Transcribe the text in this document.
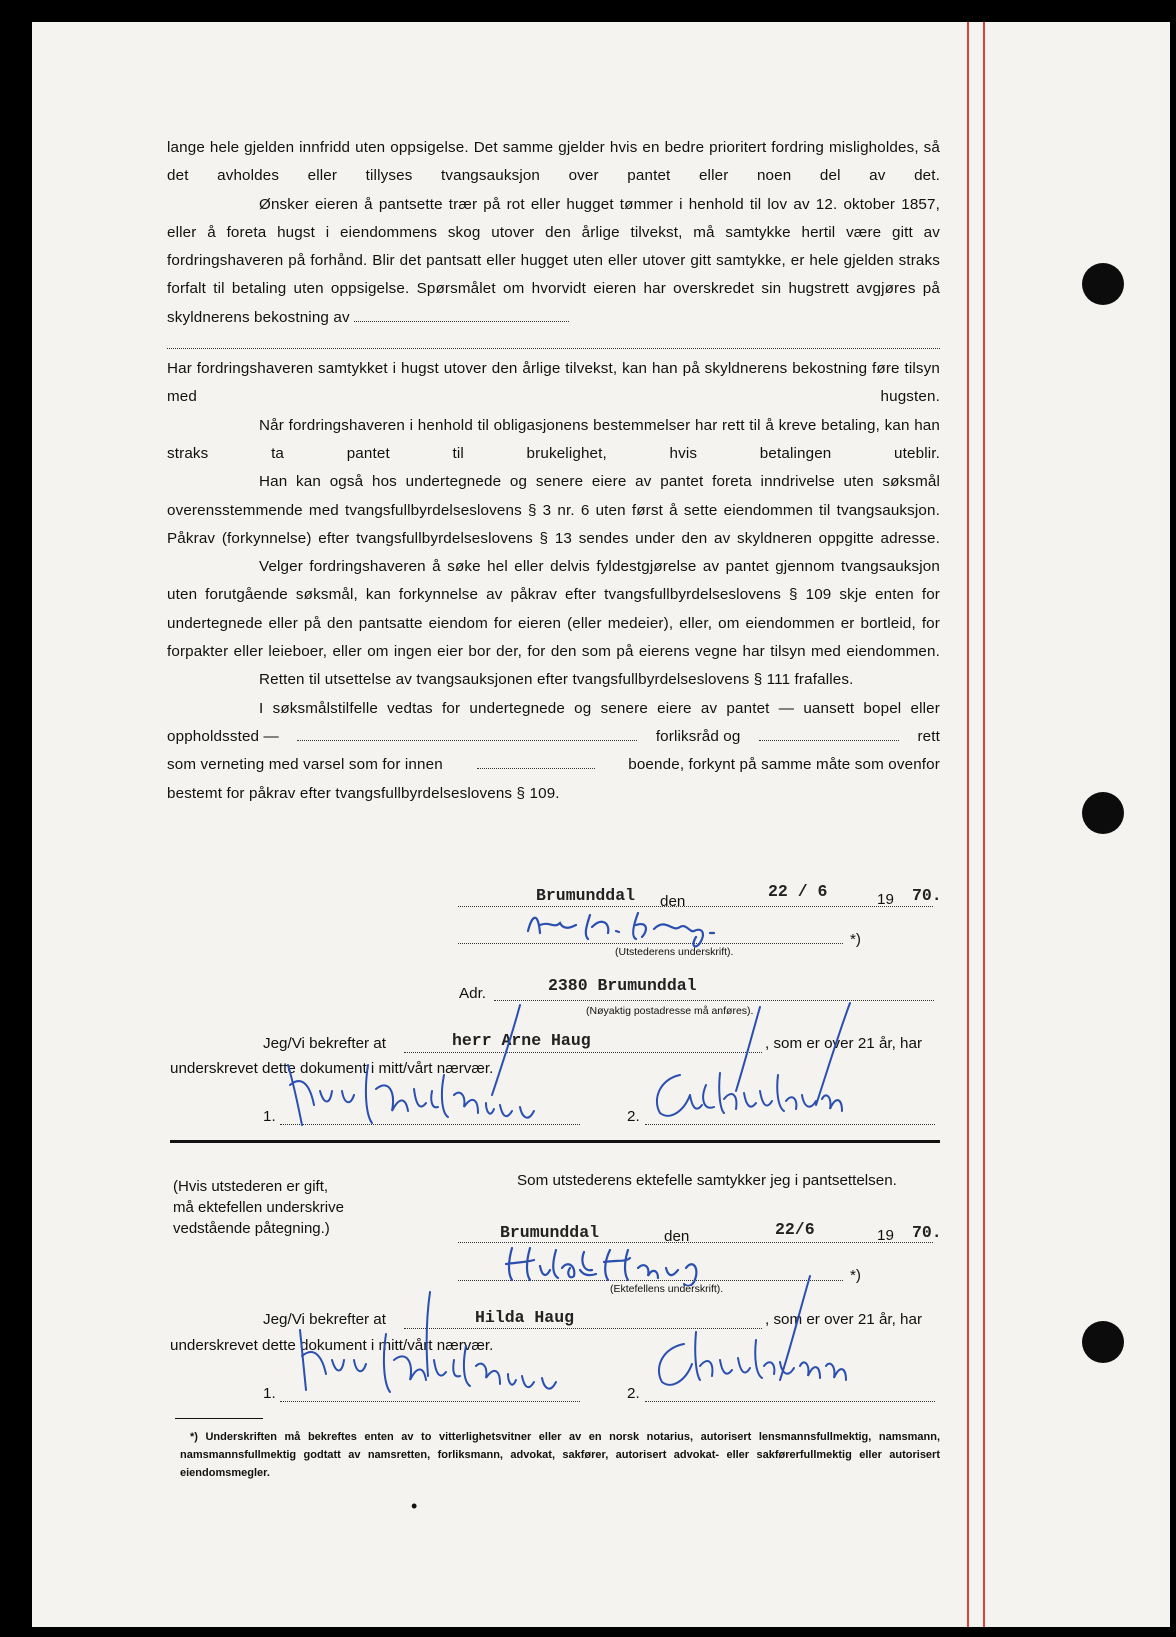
lange hele gjelden innfridd uten oppsigelse. Det samme gjelder hvis en bedre prioritert fordring misligholdes, så det avholdes eller tillyses tvangsauksjon over pantet eller noen del av det.
Ønsker eieren å pantsette trær på rot eller hugget tømmer i henhold til lov av 12. oktober 1857, eller å foreta hugst i eiendommens skog utover den årlige tilvekst, må samtykke hertil være gitt av fordringshaveren på forhånd. Blir det pantsatt eller hugget uten eller utover gitt samtykke, er hele gjelden straks forfalt til betaling uten oppsigelse. Spørsmålet om hvorvidt eieren har overskredet sin hugstrett avgjøres på skyldnerens bekostning av
Har fordringshaveren samtykket i hugst utover den årlige tilvekst, kan han på skyldnerens bekostning føre tilsyn med hugsten.
Når fordringshaveren i henhold til obligasjonens bestemmelser har rett til å kreve betaling, kan han straks ta pantet til brukelighet, hvis betalingen uteblir.
Han kan også hos undertegnede og senere eiere av pantet foreta inndrivelse uten søksmål overensstemmende med tvangsfullbyrdelseslovens § 3 nr. 6 uten først å sette eiendommen til tvangsauksjon. Påkrav (forkynnelse) efter tvangsfullbyrdelseslovens § 13 sendes under den av skyldneren oppgitte adresse.
Velger fordringshaveren å søke hel eller delvis fyldestgjørelse av pantet gjennom tvangsauksjon uten forutgående søksmål, kan forkynnelse av påkrav efter tvangsfullbyrdelseslovens § 109 skje enten for undertegnede eller på den pantsatte eiendom for eieren (eller medeier), eller, om eiendommen er bortleid, for forpakter eller leieboer, eller om ingen eier bor der, for den som på eierens vegne har tilsyn med eiendommen.
Retten til utsettelse av tvangsauksjonen efter tvangsfullbyrdelseslovens § 111 frafalles.
I søksmålstilfelle vedtas for undertegnede og senere eiere av pantet — uansett bopel eller
oppholdssted —	forliksråd og	rett
som verneting med varsel som for innen	boende, forkynt på samme måte som ovenfor
bestemt for påkrav efter tvangsfullbyrdelseslovens § 109.
Brumunddal den
22 / 6	19 70.
*)
(Utstederens underskrift).
Adr.	2380 Brumunddal
(Nøyaktig postadresse må anføres).
Jeg/Vi bekrefter at	herr Arne Haug	, som er over 21 år, har
underskrevet dette dokument i mitt/vårt nærvær.
1.	2.
(Hvis utstederen er gift,
må ektefellen underskrive
vedstående påtegning.)
Som utstederens ektefelle samtykker jeg i pantsettelsen.
Brumunddal	den	22/6	19 70.
*)
(Ektefellens underskrift).
Jeg/Vi bekrefter at	Hilda Haug	, som er over 21 år, har
underskrevet dette dokument i mitt/vårt nærvær.
1.	2.
*) Underskriften må bekreftes enten av to vitterlighetsvitner eller av en norsk notarius, autorisert lensmannsfullmektig, namsmann, namsmannsfullmektig godtatt av namsretten, forliksmann, advokat, sakfører, autorisert advokat- eller sakførerfullmektig eller autorisert eiendomsmegler.
•
